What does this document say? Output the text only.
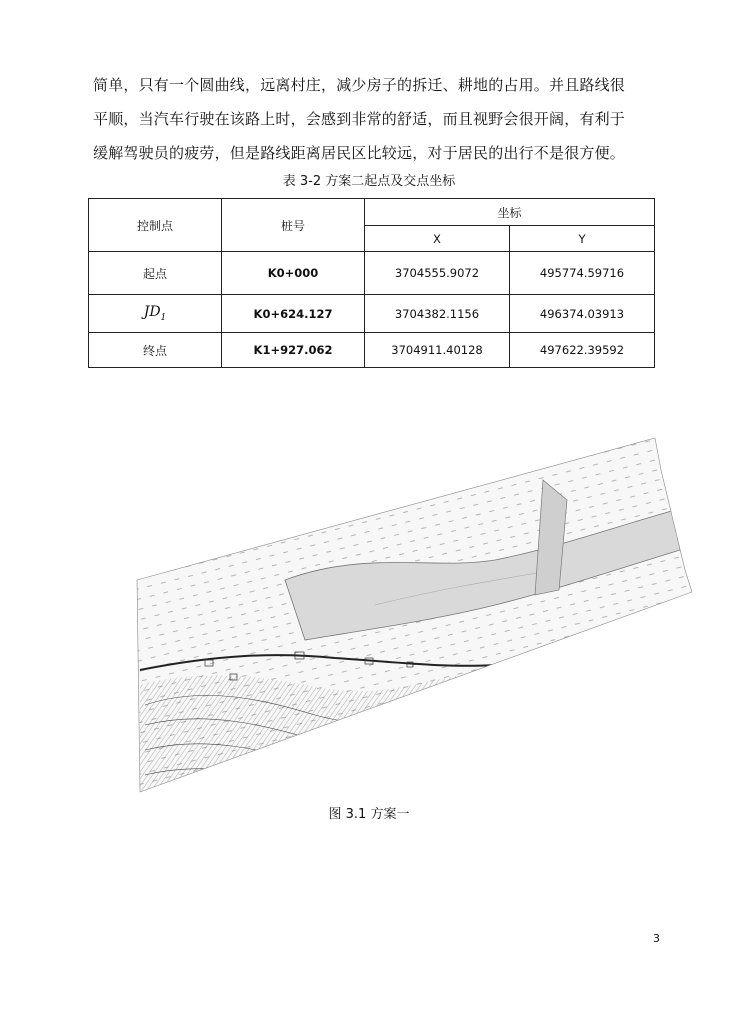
简单，只有一个圆曲线，远离村庄，减少房子的拆迁、耕地的占用。并且路线很
平顺，当汽车行驶在该路上时，会感到非常的舒适，而且视野会很开阔，有利于
缓解驾驶员的疲劳，但是路线距离居民区比较远，对于居民的出行不是很方便。
表 3-2 方案二起点及交点坐标
控制点	桩号	坐标	
		X	Y
起点	K0+000	3704555.9072	495774.59716
$JD_1$	K0+624.127	3704382.1156	496374.03913
终点	K1+927.062	3704911.40128	497622.39592
图 3.1 方案一
3
